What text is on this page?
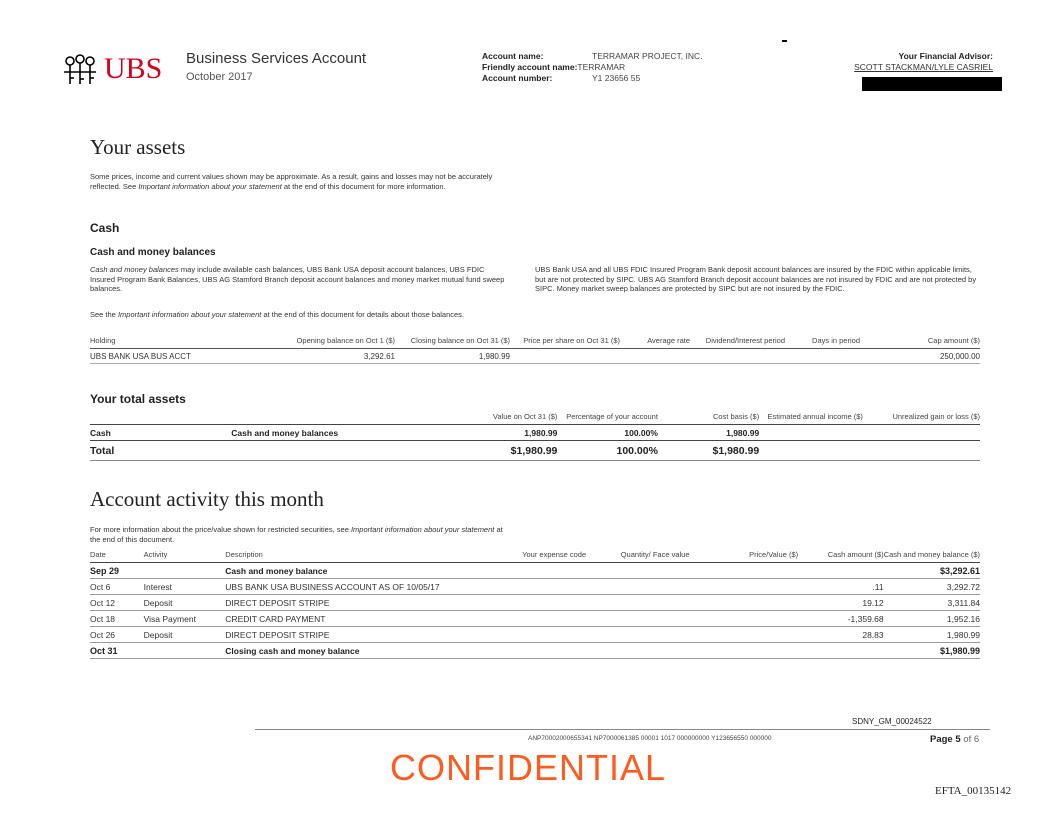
UBS Business Services Account
October 2017
Account name:	TERRAMAR PROJECT, INC.
Friendly account name:TERRAMAR
Account number:	Y1 23656 55
Your Financial Advisor:
SCOTT STACKMAN/LYLE CASRIEL
Your assets
Some prices, income and current values shown may be approximate. As a result, gains and losses may not be accurately reflected. See Important information about your statement at the end of this document for more information.
Cash
Cash and money balances
Cash and money balances may include available cash balances, UBS Bank USA deposit account balances, UBS FDIC Insured Program Bank Balances, UBS AG Stamford Branch deposit account balances and money market mutual fund sweep balances.
UBS Bank USA and all UBS FDIC Insured Program Bank deposit account balances are insured by the FDIC within applicable limits, but are not protected by SIPC. UBS AG Stamford Branch deposit account balances are not insured by FDIC and are not protected by SIPC. Money market sweep balances are protected by SIPC but are not insured by the FDIC.
See the Important information about your statement at the end of this document for details about those balances.
Holding	Opening balance on Oct 1 ($)	Closing balance on Oct 31 ($)	Price per share on Oct 31 ($)	Average rate	Dividend/Interest period	Days in period	Cap amount ($)
UBS BANK USA BUS ACCT	3,292.61	1,980.99					250,000.00
Your total assets
		Value on Oct 31 ($)	Percentage of your account	Cost basis ($)	Estimated annual income ($)	Unrealized gain or loss ($)
Cash	Cash and money balances	1,980.99	100.00%	1,980.99		
Total		$1,980.99	100.00%	$1,980.99		
Account activity this month
For more information about the price/value shown for restricted securities, see Important information about your statement at the end of this document.
Date	Activity	Description	Your expense code	Quantity/ Face value	Price/Value ($)	Cash amount ($)	Cash and money balance ($)
Sep 29		Cash and money balance					$3,292.61
Oct 6	Interest	UBS BANK USA BUSINESS ACCOUNT AS OF 10/05/17				.11	3,292.72
Oct 12	Deposit	DIRECT DEPOSIT STRIPE				19.12	3,311.84
Oct 18	Visa Payment	CREDIT CARD PAYMENT				-1,359.68	1,952.16
Oct 26	Deposit	DIRECT DEPOSIT STRIPE				28.83	1,980.99
Oct 31		Closing cash and money balance					$1,980.99
SDNY_GM_00024522
ANP70002000655341 NP7000061385 00001 1017 000000000 Y123656550 000000	Page 5 of 6
CONFIDENTIAL
EFTA_00135142
